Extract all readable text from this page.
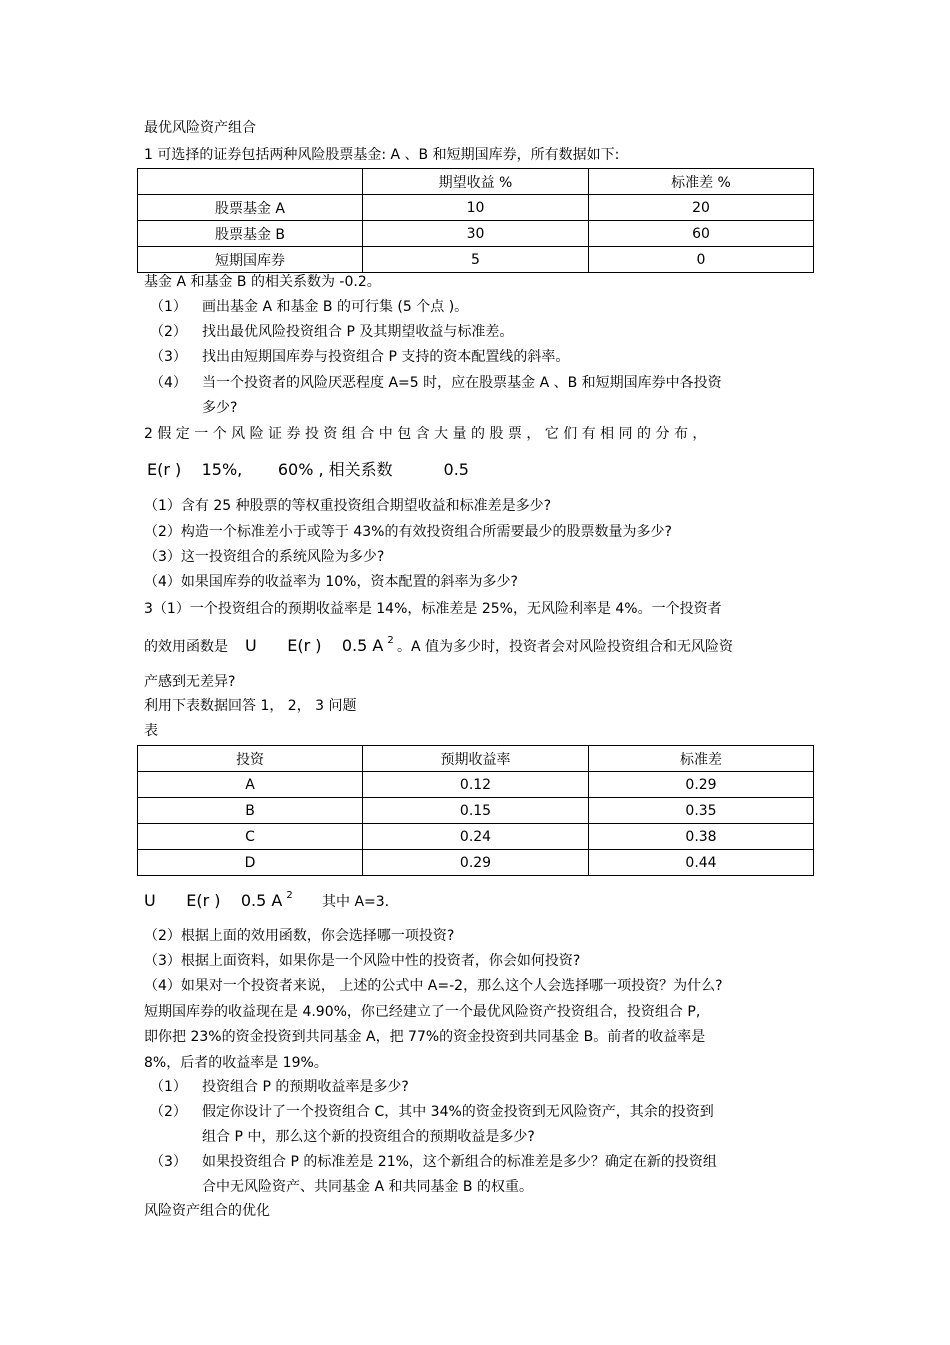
最优风险资产组合
1 可选择的证券包括两种风险股票基金: A 、B 和短期国库券，所有数据如下:
	期望收益 %	标准差 %
股票基金 A	10	20
股票基金 B	30	60
短期国库券	5	0
基金 A 和基金 B 的相关系数为 -0.2。
（1） 画出基金 A 和基金 B 的可行集 (5 个点 )。
（2） 找出最优风险投资组合 P 及其期望收益与标准差。
（3） 找出由短期国库券与投资组合 P 支持的资本配置线的斜率。
（4） 当一个投资者的风险厌恶程度 A=5 时，应在股票基金 A 、B 和短期国库券中各投资
多少?
2 假 定 一 个 风 险 证 券 投 资 组 合 中 包 含 大 量 的 股 票 ， 它 们 有 相 同 的 分 布 ，
E(r )    15%,       60% , 相关系数          0.5
（1）含有 25 种股票的等权重投资组合期望收益和标准差是多少?
（2）构造一个标准差小于或等于 43%的有效投资组合所需要最少的股票数量为多少?
（3）这一投资组合的系统风险为多少?
（4）如果国库券的收益率为 10%，资本配置的斜率为多少?
3（1）一个投资组合的预期收益率是 14%，标准差是 25%，无风险利率是 4%。一个投资者
的效用函数是 U      E(r )    0.5 A $^2$ 。A 值为多少时，投资者会对风险投资组合和无风险资
产感到无差异?
利用下表数据回答 1， 2， 3 问题
表
投资	预期收益率	标准差
A	0.12	0.29
B	0.15	0.35
C	0.24	0.38
D	0.29	0.44
U      E(r )    0.5 A $^2$ 其中 A=3.
（2）根据上面的效用函数，你会选择哪一项投资?
（3）根据上面资料，如果你是一个风险中性的投资者，你会如何投资?
（4）如果对一个投资者来说， 上述的公式中 A=-2，那么这个人会选择哪一项投资？为什么?
短期国库券的收益现在是 4.90%，你已经建立了一个最优风险资产投资组合，投资组合 P,
即你把 23%的资金投资到共同基金 A，把 77%的资金投资到共同基金 B。前者的收益率是
8%，后者的收益率是 19%。
（1） 投资组合 P 的预期收益率是多少?
（2） 假定你设计了一个投资组合 C，其中 34%的资金投资到无风险资产，其余的投资到
组合 P 中，那么这个新的投资组合的预期收益是多少?
（3） 如果投资组合 P 的标准差是 21%，这个新组合的标准差是多少？确定在新的投资组
合中无风险资产、共同基金 A 和共同基金 B 的权重。
风险资产组合的优化
